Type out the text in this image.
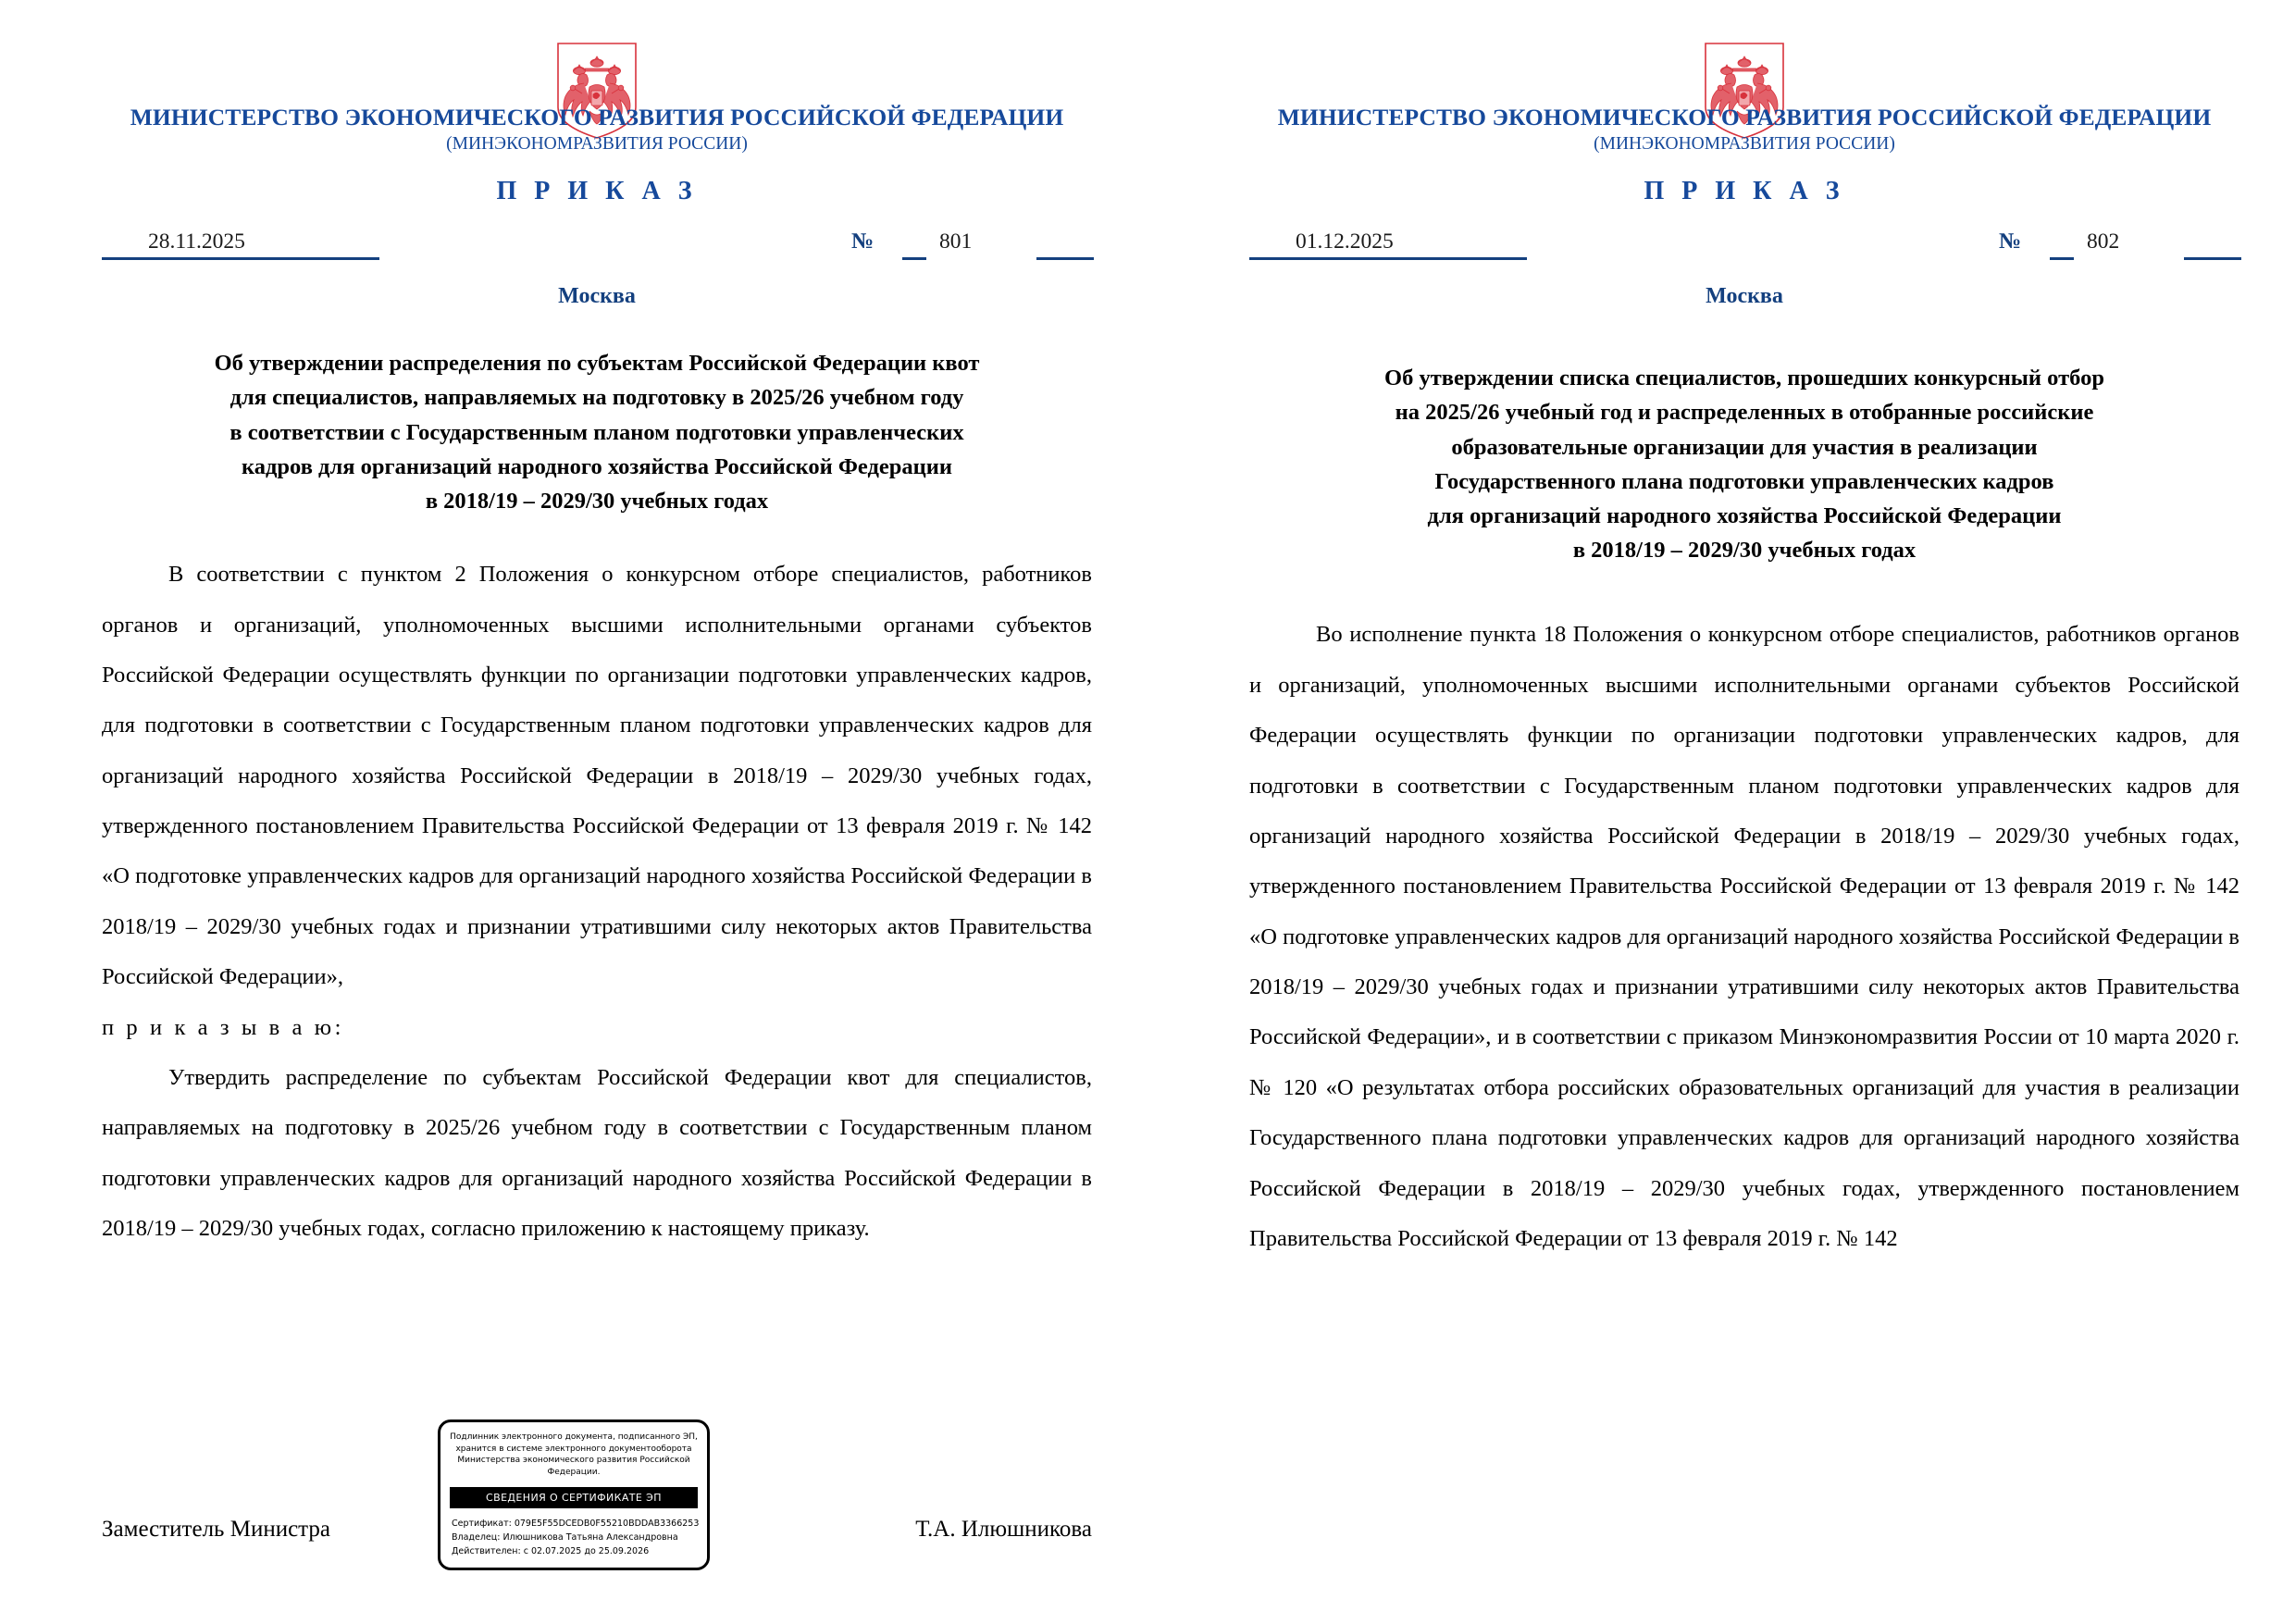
МИНИСТЕРСТВО ЭКОНОМИЧЕСКОГО РАЗВИТИЯ РОССИЙСКОЙ ФЕДЕРАЦИИ
(МИНЭКОНОМРАЗВИТИЯ РОССИИ)
П Р И К А З
28.11.2025	№	801
Москва
Об утверждении распределения по субъектам Российской Федерации квот
для специалистов, направляемых на подготовку в 2025/26 учебном году
в соответствии с Государственным планом подготовки управленческих
кадров для организаций народного хозяйства Российской Федерации
в 2018/19 – 2029/30 учебных годах

В соответствии с пунктом 2 Положения о конкурсном отборе специалистов, работников органов и организаций, уполномоченных высшими исполнительными органами субъектов Российской Федерации осуществлять функции по организации подготовки управленческих кадров, для подготовки в соответствии с Государственным планом подготовки управленческих кадров для организаций народного хозяйства Российской Федерации в 2018/19 – 2029/30 учебных годах, утвержденного постановлением Правительства Российской Федерации от 13 февраля 2019 г. № 142 «О подготовке управленческих кадров для организаций народного хозяйства Российской Федерации в 2018/19 – 2029/30 учебных годах и признании утратившими силу некоторых актов Правительства Российской Федерации»,

п р и к а з ы в а ю:

Утвердить распределение по субъектам Российской Федерации квот для специалистов, направляемых на подготовку в 2025/26 учебном году в соответствии с Государственным планом подготовки управленческих кадров для организаций народного хозяйства Российской Федерации в 2018/19 – 2029/30 учебных годах, согласно приложению к настоящему приказу.

Заместитель Министра	Т.А. Илюшникова
Подлинник электронного документа, подписанного ЭП,
хранится в системе электронного документооборота
Министерства экономического развития Российской Федерации.
СВЕДЕНИЯ О СЕРТИФИКАТЕ ЭП
Сертификат: 079E5F55DCEDB0F55210BDDAB3366253
Владелец: Илюшникова Татьяна Александровна
Действителен: с 02.07.2025 до 25.09.2026
МИНИСТЕРСТВО ЭКОНОМИЧЕСКОГО РАЗВИТИЯ РОССИЙСКОЙ ФЕДЕРАЦИИ
(МИНЭКОНОМРАЗВИТИЯ РОССИИ)
П Р И К А З
01.12.2025	№	802
Москва
Об утверждении списка специалистов, прошедших конкурсный отбор
на 2025/26 учебный год и распределенных в отобранные российские
образовательные организации для участия в реализации
Государственного плана подготовки управленческих кадров
для организаций народного хозяйства Российской Федерации
в 2018/19 – 2029/30 учебных годах

Во исполнение пункта 18 Положения о конкурсном отборе специалистов, работников органов и организаций, уполномоченных высшими исполнительными органами субъектов Российской Федерации осуществлять функции по организации подготовки управленческих кадров, для подготовки в соответствии с Государственным планом подготовки управленческих кадров для организаций народного хозяйства Российской Федерации в 2018/19 – 2029/30 учебных годах, утвержденного постановлением Правительства Российской Федерации от 13 февраля 2019 г. № 142 «О подготовке управленческих кадров для организаций народного хозяйства Российской Федерации в 2018/19 – 2029/30 учебных годах и признании утратившими силу некоторых актов Правительства Российской Федерации», и в соответствии с приказом Минэкономразвития России от 10 марта 2020 г. № 120 «О результатах отбора российских образовательных организаций для участия в реализации Государственного плана подготовки управленческих кадров для организаций народного хозяйства Российской Федерации в 2018/19 – 2029/30 учебных годах, утвержденного постановлением Правительства Российской Федерации от 13 февраля 2019 г. № 142
